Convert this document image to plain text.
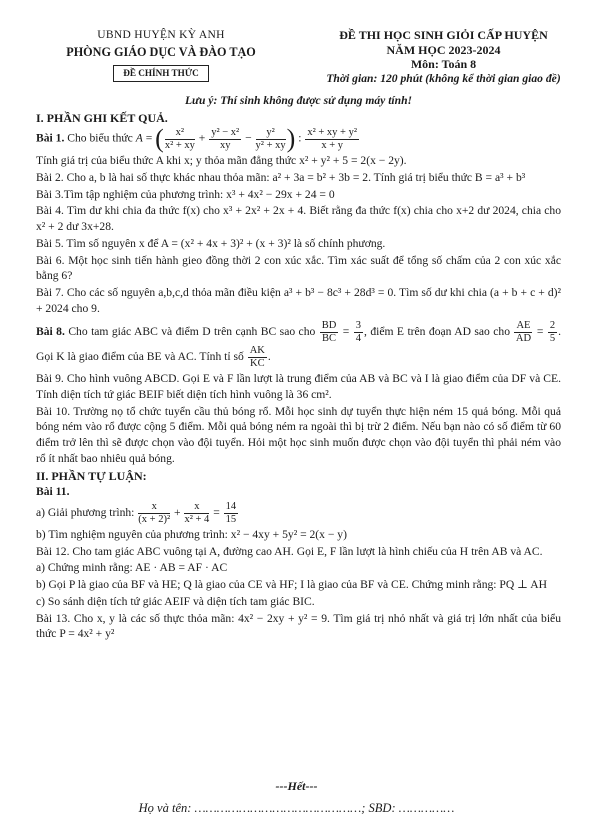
UBND HUYỆN KỲ ANH
PHÒNG GIÁO DỤC VÀ ĐÀO TẠO
ĐỀ CHÍNH THỨC
ĐỀ THI HỌC SINH GIỎI CẤP HUYỆN
NĂM HỌC 2023-2024
Môn: Toán 8
Thời gian: 120 phút (không kể thời gian giao đề)
Lưu ý: Thí sinh không được sử dụng máy tính!
I. PHẦN GHI KẾT QUẢ.

Bài 1. Cho biểu thức A = ( $\frac{\text{x²}}{\text{x² + xy}} + \frac{\text{y² − x²}}{xy} - \frac{\text{y²}}{\text{y² + xy}}$ ) : $\frac{\text{x² + xy + y²}}{x + y}$

Tính giá trị của biểu thức A khi x; y thỏa mãn đẳng thức x² + y² + 5 = 2(x − 2y).

Bài 2. Cho a, b là hai số thực khác nhau thỏa mãn: a² + 3a = b² + 3b = 2. Tính giá trị biểu thức B = a³ + b³

Bài 3.Tìm tập nghiệm của phương trình: x³ + 4x² − 29x + 24 = 0

Bài 4. Tìm dư khi chia đa thức f(x) cho x³ + 2x² + 2x + 4. Biết rằng đa thức f(x) chia cho x+2 dư 2024, chia cho x² + 2 dư 3x+28.

Bài 5. Tìm số nguyên x để A = (x² + 4x + 3)² + (x + 3)² là số chính phương.

Bài 6. Một học sinh tiến hành gieo đồng thời 2 con xúc xắc. Tìm xác suất để tổng số chấm của 2 con xúc xắc bằng 6?

Bài 7. Cho các số nguyên a,b,c,d thỏa mãn điều kiện a³ + b³ − 8c³ + 28d³ = 0. Tìm số dư khi chia (a + b + c + d)² + 2024 cho 9.

Bài 8. Cho tam giác ABC và điểm D trên cạnh BC sao cho $\frac{BD}{BC} = \frac{3}{4}$ , điểm E trên đoạn AD sao cho $\frac{AE}{AD} = \frac{2}{5}$ . Gọi K là giao điểm của BE và AC. Tính tỉ số $\frac{AK}{KC}$ .

Bài 9. Cho hình vuông ABCD. Gọi E và F lần lượt là trung điểm của AB và BC và I là giao điểm của DF và CE. Tính diện tích tứ giác BEIF biết diện tích hình vuông là 36 cm².

Bài 10. Trường nọ tổ chức tuyển cầu thủ bóng rổ. Mỗi học sinh dự tuyển thực hiện ném 15 quả bóng. Mỗi quả bóng ném vào rổ được cộng 5 điểm. Mỗi quả bóng ném ra ngoài thì bị trừ 2 điểm. Nếu bạn nào có số điểm từ 60 điểm trở lên thì sẽ được chọn vào đội tuyển. Hỏi một học sinh muốn được chọn vào đội tuyển thì phải ném vào rổ ít nhất bao nhiêu quả bóng.

II. PHẦN TỰ LUẬN:

Bài 11.

a) Giải phương trình: $\frac{x}{\text{(x + 2)²}} + \frac{x}{\text{x² + 4}} = \frac{14}{15}$

b) Tìm nghiệm nguyên của phương trình: x² − 4xy + 5y² = 2(x − y)

Bài 12. Cho tam giác ABC vuông tại A, đường cao AH. Gọi E, F lần lượt là hình chiếu của H trên AB và AC.

a) Chứng minh rằng: AE · AB = AF · AC

b) Gọi P là giao của BF và HE; Q là giao của CE và HF; I là giao của BF và CE. Chứng minh rằng: PQ ⊥ AH

c) So sánh diện tích tứ giác AEIF và diện tích tam giác BIC.

Bài 13. Cho x, y là các số thực thỏa mãn: 4x² − 2xy + y² = 9. Tìm giá trị nhỏ nhất và giá trị lớn nhất của biểu thức P = 4x² + y²

---Hết---
Họ và tên: ………………………………………; SBD: ……………
